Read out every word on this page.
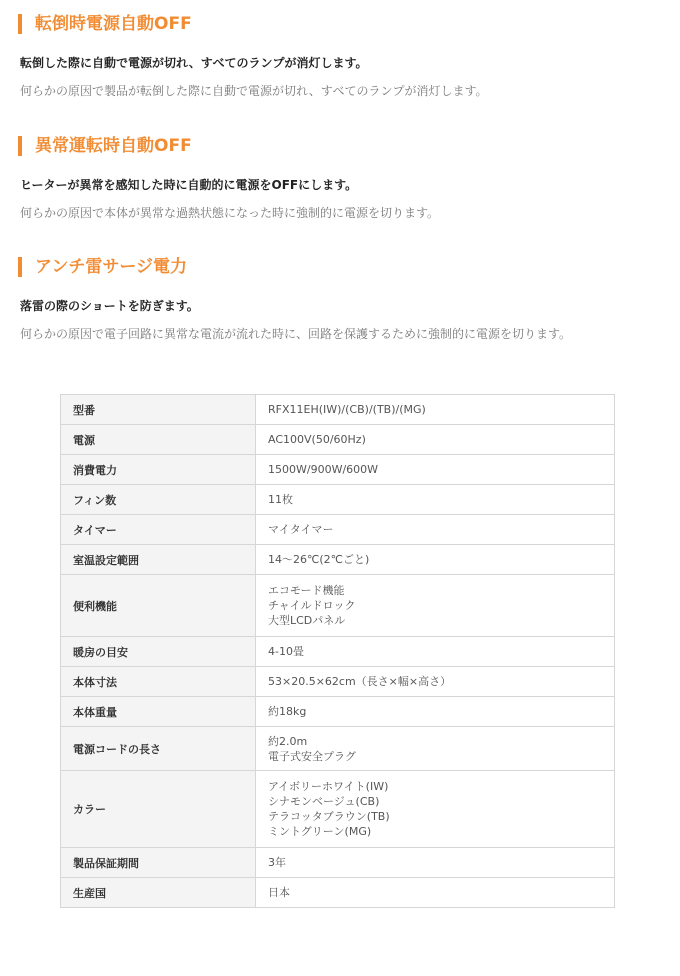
転倒時電源自動OFF

転倒した際に自動で電源が切れ、すべてのランプが消灯します。

何らかの原因で製品が転倒した際に自動で電源が切れ、すべてのランプが消灯します。

異常運転時自動OFF

ヒーターが異常を感知した時に自動的に電源をOFFにします。

何らかの原因で本体が異常な過熱状態になった時に強制的に電源を切ります。

アンチ雷サージ電力

落雷の際のショートを防ぎます。

何らかの原因で電子回路に異常な電流が流れた時に、回路を保護するために強制的に電源を切ります。

型番	RFX11EH(IW)/(CB)/(TB)/(MG)

電源	AC100V(50/60Hz)

消費電力	1500W/900W/600W

フィン数	11枚

タイマー	マイタイマー

室温設定範囲	14〜26℃(2℃ごと)

便利機能	エコモード機能
チャイルドロック
大型LCDパネル

暖房の目安	4-10畳

本体寸法	53×20.5×62cm（長さ×幅×高さ）

本体重量	約18kg

電源コードの長さ	約2.0m
電子式安全プラグ

カラー	アイボリーホワイト(IW)
シナモンベージュ(CB)
テラコッタブラウン(TB)
ミントグリーン(MG)

製品保証期間	3年

生産国	日本
